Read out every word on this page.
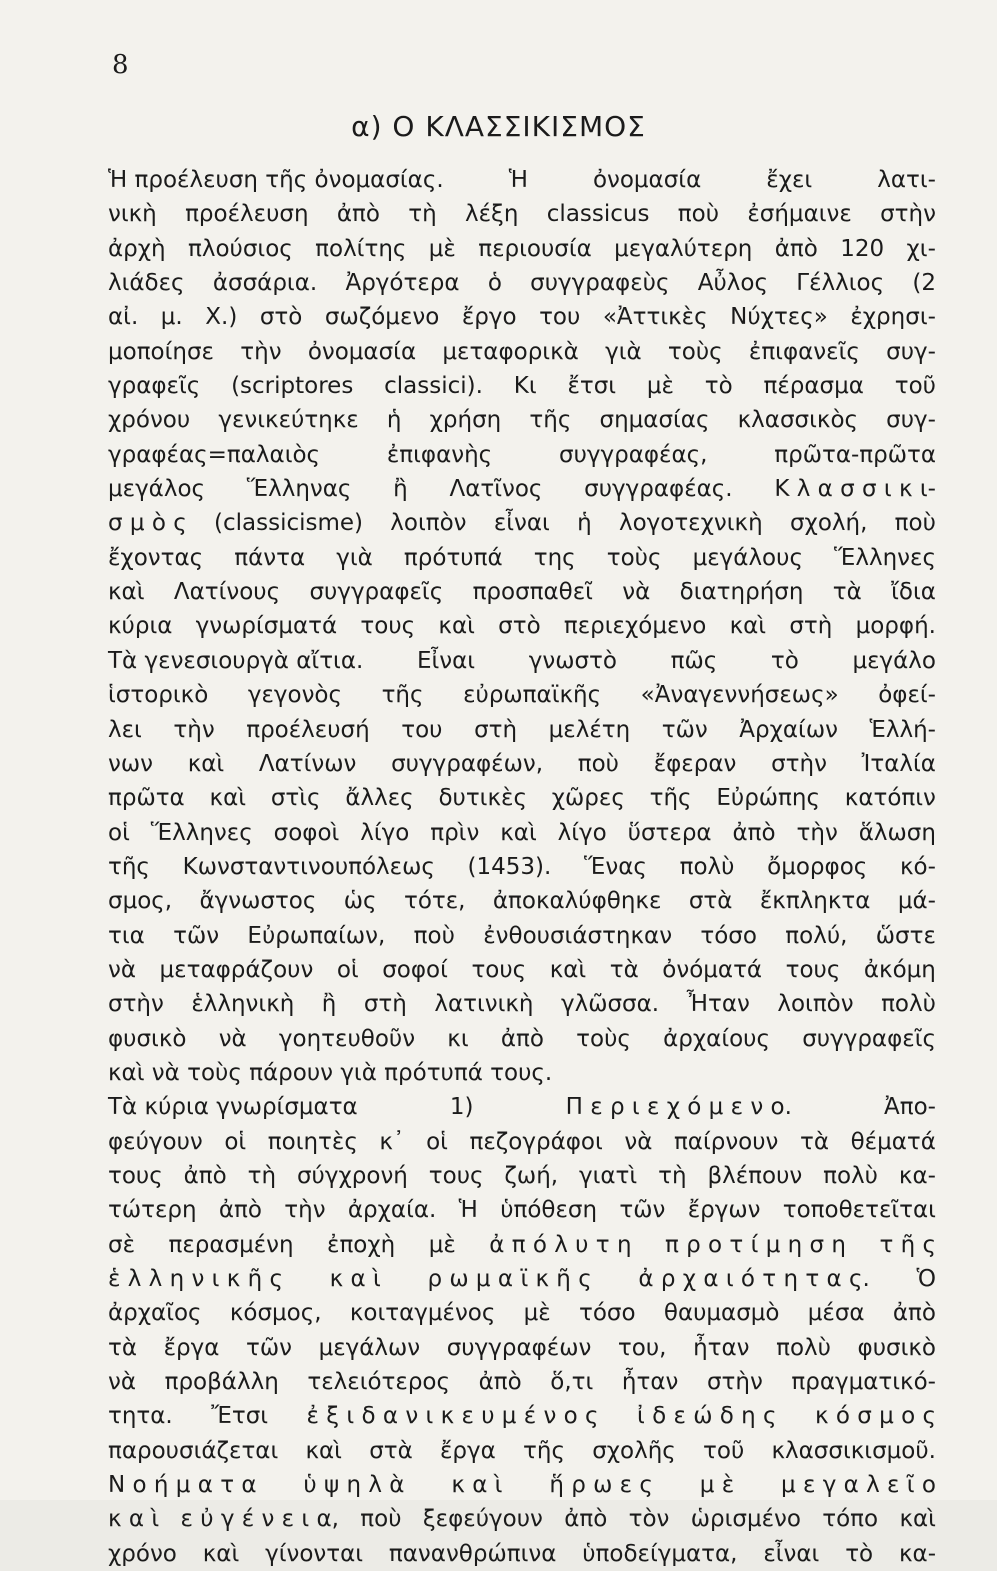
8
α) Ο ΚΛΑΣΣΙΚΙΣΜΟΣ
Ἡ προέλευση τῆς ὀνομασίας.	Ἡ	ὀνομασία	ἔχει	λατι-
νικὴ προέλευση ἀπὸ τὴ λέξη classicus ποὺ ἐσήμαινε στὴν
ἀρχὴ πλούσιος πολίτης μὲ περιουσία μεγαλύτερη ἀπὸ 120 χι-
λιάδες ἀσσάρια. Ἀργότερα ὁ συγγραφεὺς Αὖλος Γέλλιος (2
αἰ. μ. Χ.) στὸ σωζόμενο ἔργο του «Ἀττικὲς Νύχτες» ἐχρησι-
μοποίησε τὴν ὀνομασία μεταφορικὰ γιὰ τοὺς ἐπιφανεῖς συγ-
γραφεῖς (scriptores classici). Κι ἔτσι μὲ τὸ πέρασμα τοῦ
χρόνου γενικεύτηκε ἡ χρήση τῆς σημασίας κλασσικὸς συγ-
γραφέας=παλαιὸς	ἐπιφανὴς	συγγραφέας,	πρῶτα-πρῶτα
μεγάλος Ἕλληνας ἢ Λατῖνος συγγραφέας. Κ λ α σ σ ι κ ι-
σ μ ὸ ς (classicisme) λοιπὸν εἶναι ἡ λογοτεχνικὴ σχολή, ποὺ
ἔχοντας πάντα γιὰ πρότυπά της τοὺς μεγάλους Ἕλληνες
καὶ Λατίνους συγγραφεῖς προσπαθεῖ νὰ διατηρήση τὰ ἴδια
κύρια γνωρίσματά τους καὶ στὸ περιεχόμενο καὶ στὴ μορφή.
Τὰ γενεσιουργὰ αἴτια. Εἶναι γνωστὸ πῶς τὸ μεγάλο
ἱστορικὸ γεγονὸς τῆς εὐρωπαϊκῆς «Ἀναγεννήσεως» ὀφεί-
λει τὴν προέλευσή του στὴ μελέτη τῶν Ἀρχαίων Ἑλλή-
νων καὶ Λατίνων συγγραφέων, ποὺ ἔφεραν στὴν Ἰταλία
πρῶτα καὶ στὶς ἄλλες δυτικὲς χῶρες τῆς Εὐρώπης κατόπιν
οἱ Ἕλληνες σοφοὶ λίγο πρὶν καὶ λίγο ὕστερα ἀπὸ τὴν ἅλωση
τῆς Κωνσταντινουπόλεως (1453). Ἕνας πολὺ ὄμορφος κό-
σμος, ἄγνωστος ὡς τότε, ἀποκαλύφθηκε στὰ ἔκπληκτα μά-
τια τῶν Εὐρωπαίων, ποὺ ἐνθουσιάστηκαν τόσο πολύ, ὥστε
νὰ μεταφράζουν οἱ σοφοί τους καὶ τὰ ὀνόματά τους ἀκόμη
στὴν ἑλληνικὴ ἢ στὴ λατινικὴ γλῶσσα. Ἦταν λοιπὸν πολὺ
φυσικὸ νὰ γοητευθοῦν κι ἀπὸ τοὺς ἀρχαίους συγγραφεῖς
καὶ νὰ τοὺς πάρουν γιὰ πρότυπά τους.
Τὰ κύρια γνωρίσματα	1)	Π ε ρ ι ε χ ό μ ε ν ο.	Ἀπο-
φεύγουν οἱ ποιητὲς κ᾿ οἱ πεζογράφοι νὰ παίρνουν τὰ θέματά
τους ἀπὸ τὴ σύγχρονή τους ζωή, γιατὶ τὴ βλέπουν πολὺ κα-
τώτερη ἀπὸ τὴν ἀρχαία. Ἡ ὑπόθεση τῶν ἔργων τοποθετεῖται
σὲ περασμένη ἐποχὴ μὲ ἀ π ό λ υ τ η π ρ ο τ ί μ η σ η τ ῆ ς
ἑ λ λ η ν ι κ ῆ ς κ α ὶ ρ ω μ α ϊ κ ῆ ς ἀ ρ χ α ι ό τ η τ α ς. Ὁ
ἀρχαῖος κόσμος, κοιταγμένος μὲ τόσο θαυμασμὸ μέσα ἀπὸ
τὰ ἔργα τῶν μεγάλων συγγραφέων του, ἦταν πολὺ φυσικὸ
νὰ προβάλλη τελειότερος ἀπὸ ὅ,τι ἦταν στὴν πραγματικό-
τητα. Ἔτσι ἐ ξ ι δ α ν ι κ ε υ μ έ ν ο ς ἰ δ ε ώ δ η ς κ ό σ μ ο ς
παρουσιάζεται καὶ στὰ ἔργα τῆς σχολῆς τοῦ κλασσικισμοῦ.
Ν ο ή μ α τ α ὑ ψ η λ ὰ κ α ὶ ἥ ρ ω ε ς μ ὲ μ ε γ α λ ε ῖ ο
κ α ὶ ε ὐ γ έ ν ε ι α, ποὺ ξεφεύγουν ἀπὸ τὸν ὡρισμένο τόπο καὶ
χρόνο καὶ γίνονται πανανθρώπινα ὑποδείγματα, εἶναι τὸ κα-
